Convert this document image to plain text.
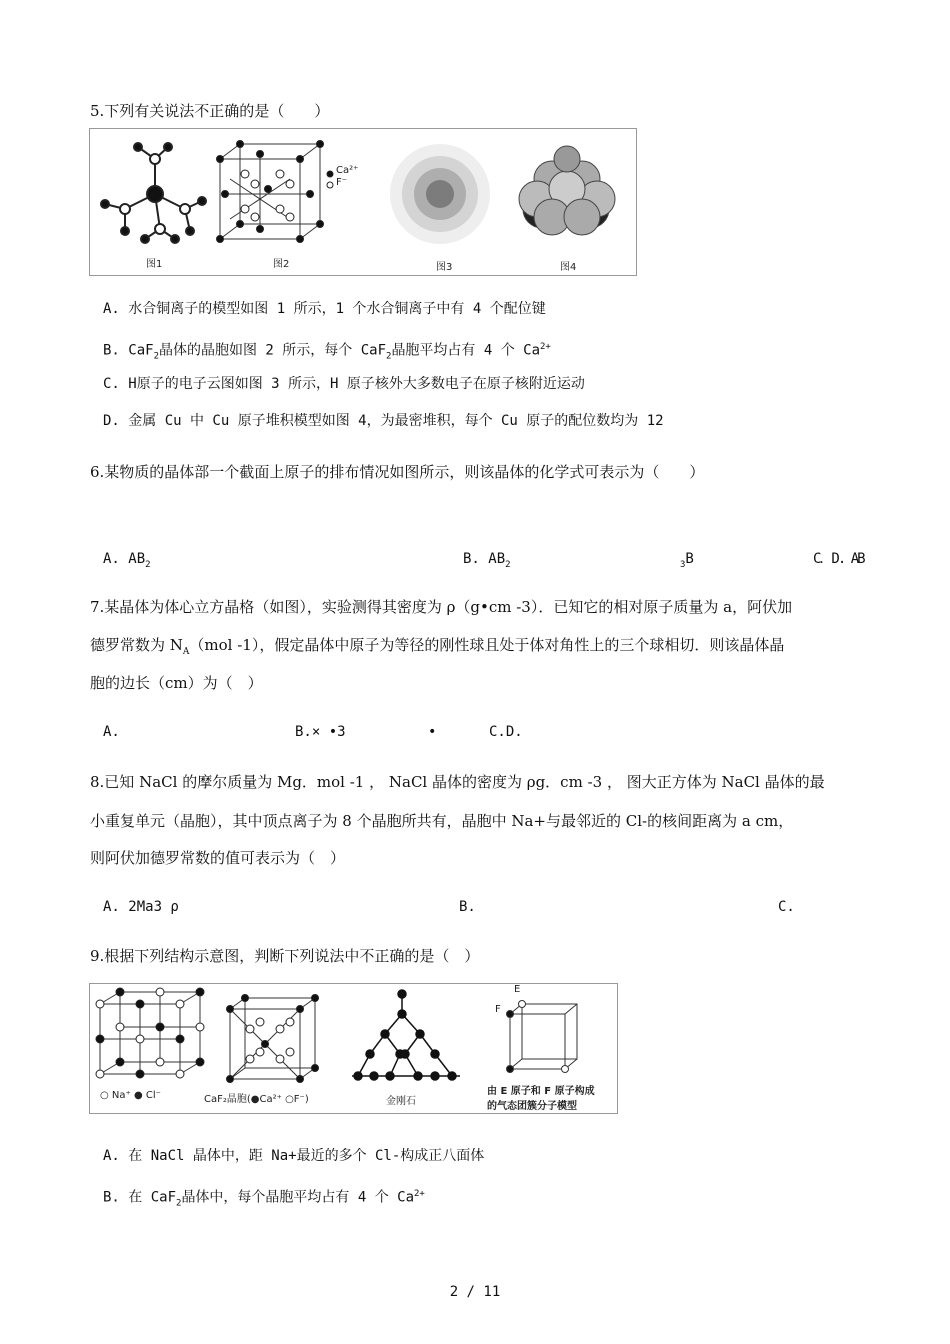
5.下列有关说法不正确的是（　　）
Ca²⁺
F⁻
图1	图2	图3	图4
A. 水合铜离子的模型如图 1 所示，1 个水合铜离子中有 4 个配位键
B. CaF$_2$晶体的晶胞如图 2 所示，每个 CaF$_2$晶胞平均占有 4 个 $Ca^{2+}$
C. H原子的电子云图如图 3 所示，H 原子核外大多数电子在原子核附近运动
D. 金属 Cu 中 Cu 原子堆积模型如图 4，为最密堆积，每个 Cu 原子的配位数均为 12
6.某物质的晶体部一个截面上原子的排布情况如图所示，则该晶体的化学式可表示为（　　）
A. $AB_2$	B. $AB_2$	$_3$B	C．D. AB
7.某晶体为体心立方晶格（如图），实验测得其密度为 ρ（g•cm -3）．已知它的相对原子质量为 a，阿伏加
德罗常数为 $N_A(mol$ -1），假定晶体中原子为等径的刚性球且处于体对角性上的三个球相切．则该晶体晶
胞的边长（cm）为（　）
A.	B.× •3	•	C.D.
8.已知 NaCl 的摩尔质量为 Mg．mol -1 ， NaCl 晶体的密度为 ρg．cm -3 ， 图大正方体为 NaCl 晶体的最
小重复单元（晶胞），其中顶点离子为 8 个晶胞所共有，晶胞中 Na+与最邻近的 Cl-的核间距离为 a cm，
则阿伏加德罗常数的值可表示为（　）
A. 2Ma3 ρ	B.	C.
9.根据下列结构示意图，判断下列说法中不正确的是（　）
○ Na⁺ ● Cl⁻	CaF₂晶胞(●Ca²⁺ ○F⁻)	金刚石
E
F
由 E 原子和 F 原子构成
的气态团簇分子模型
A. 在 NaCl 晶体中，距 Na+最近的多个 Cl-构成正八面体
B. 在 CaF$_2$晶体中，每个晶胞平均占有 4 个 $Ca^{2+}$
2 / 11
